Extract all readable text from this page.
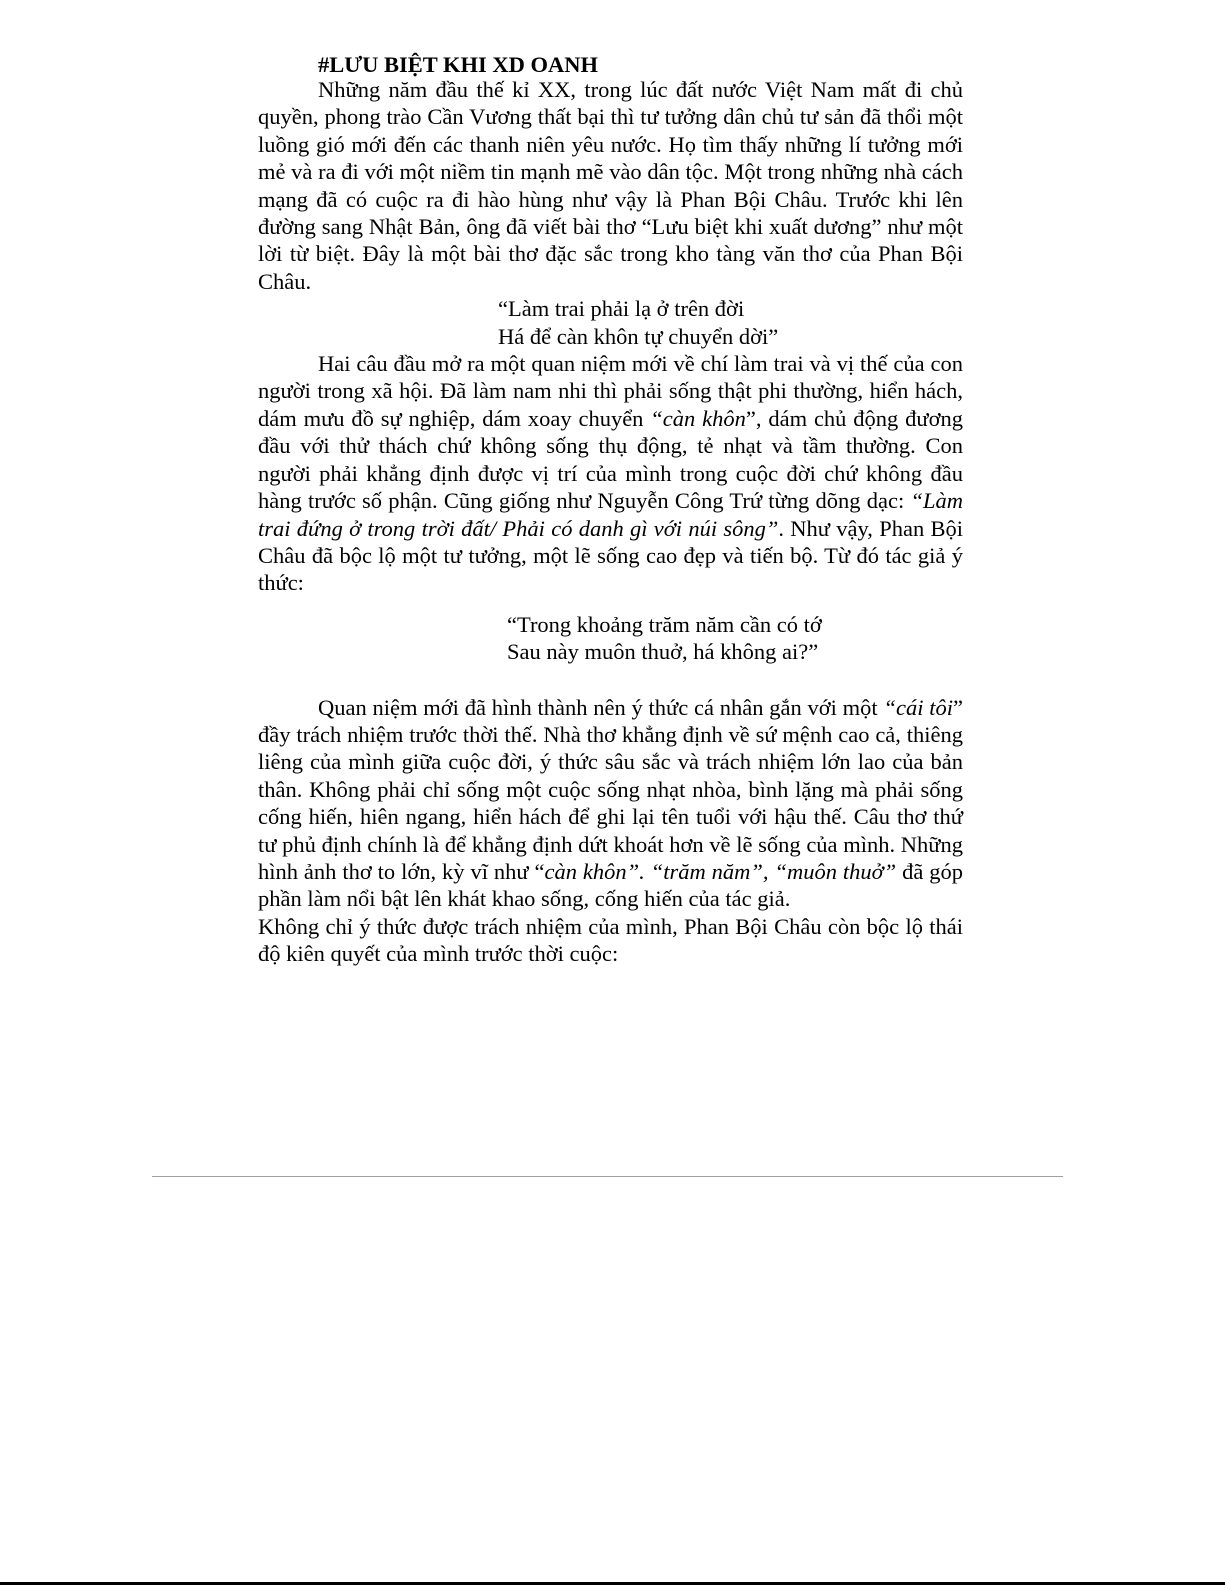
#LƯU BIỆT KHI XD OANH

Những năm đầu thế kỉ XX, trong lúc đất nước Việt Nam mất đi chủ quyền, phong trào Cần Vương thất bại thì tư tưởng dân chủ tư sản đã thổi một luồng gió mới đến các thanh niên yêu nước. Họ tìm thấy những lí tưởng mới mẻ và ra đi với một niềm tin mạnh mẽ vào dân tộc. Một trong những nhà cách mạng đã có cuộc ra đi hào hùng như vậy là Phan Bội Châu. Trước khi lên đường sang Nhật Bản, ông đã viết bài thơ “Lưu biệt khi xuất dương” như một lời từ biệt. Đây là một bài thơ đặc sắc trong kho tàng văn thơ của Phan Bội Châu.

“Làm trai phải lạ ở trên đời
Há để càn khôn tự chuyển dời”

Hai câu đầu mở ra một quan niệm mới về chí làm trai và vị thế của con người trong xã hội. Đã làm nam nhi thì phải sống thật phi thường, hiển hách, dám mưu đồ sự nghiệp, dám xoay chuyển “càn khôn”, dám chủ động đương đầu với thử thách chứ không sống thụ động, tẻ nhạt và tầm thường. Con người phải khẳng định được vị trí của mình trong cuộc đời chứ không đầu hàng trước số phận. Cũng giống như Nguyễn Công Trứ từng dõng dạc: “Làm trai đứng ở trong trời đất/ Phải có danh gì với núi sông”. Như vậy, Phan Bội Châu đã bộc lộ một tư tưởng, một lẽ sống cao đẹp và tiến bộ. Từ đó tác giả ý thức:

“Trong khoảng trăm năm cần có tớ
Sau này muôn thuở, há không ai?”

Quan niệm mới đã hình thành nên ý thức cá nhân gắn với một “cái tôi” đầy trách nhiệm trước thời thế. Nhà thơ khẳng định về sứ mệnh cao cả, thiêng liêng của mình giữa cuộc đời, ý thức sâu sắc và trách nhiệm lớn lao của bản thân. Không phải chỉ sống một cuộc sống nhạt nhòa, bình lặng mà phải sống cống hiến, hiên ngang, hiển hách để ghi lại tên tuổi với hậu thế. Câu thơ thứ tư phủ định chính là để khẳng định dứt khoát hơn về lẽ sống của mình. Những hình ảnh thơ to lớn, kỳ vĩ như “càn khôn”. “trăm năm”, “muôn thuở” đã góp phần làm nổi bật lên khát khao sống, cống hiến của tác giả.

Không chỉ ý thức được trách nhiệm của mình, Phan Bội Châu còn bộc lộ thái độ kiên quyết của mình trước thời cuộc:
